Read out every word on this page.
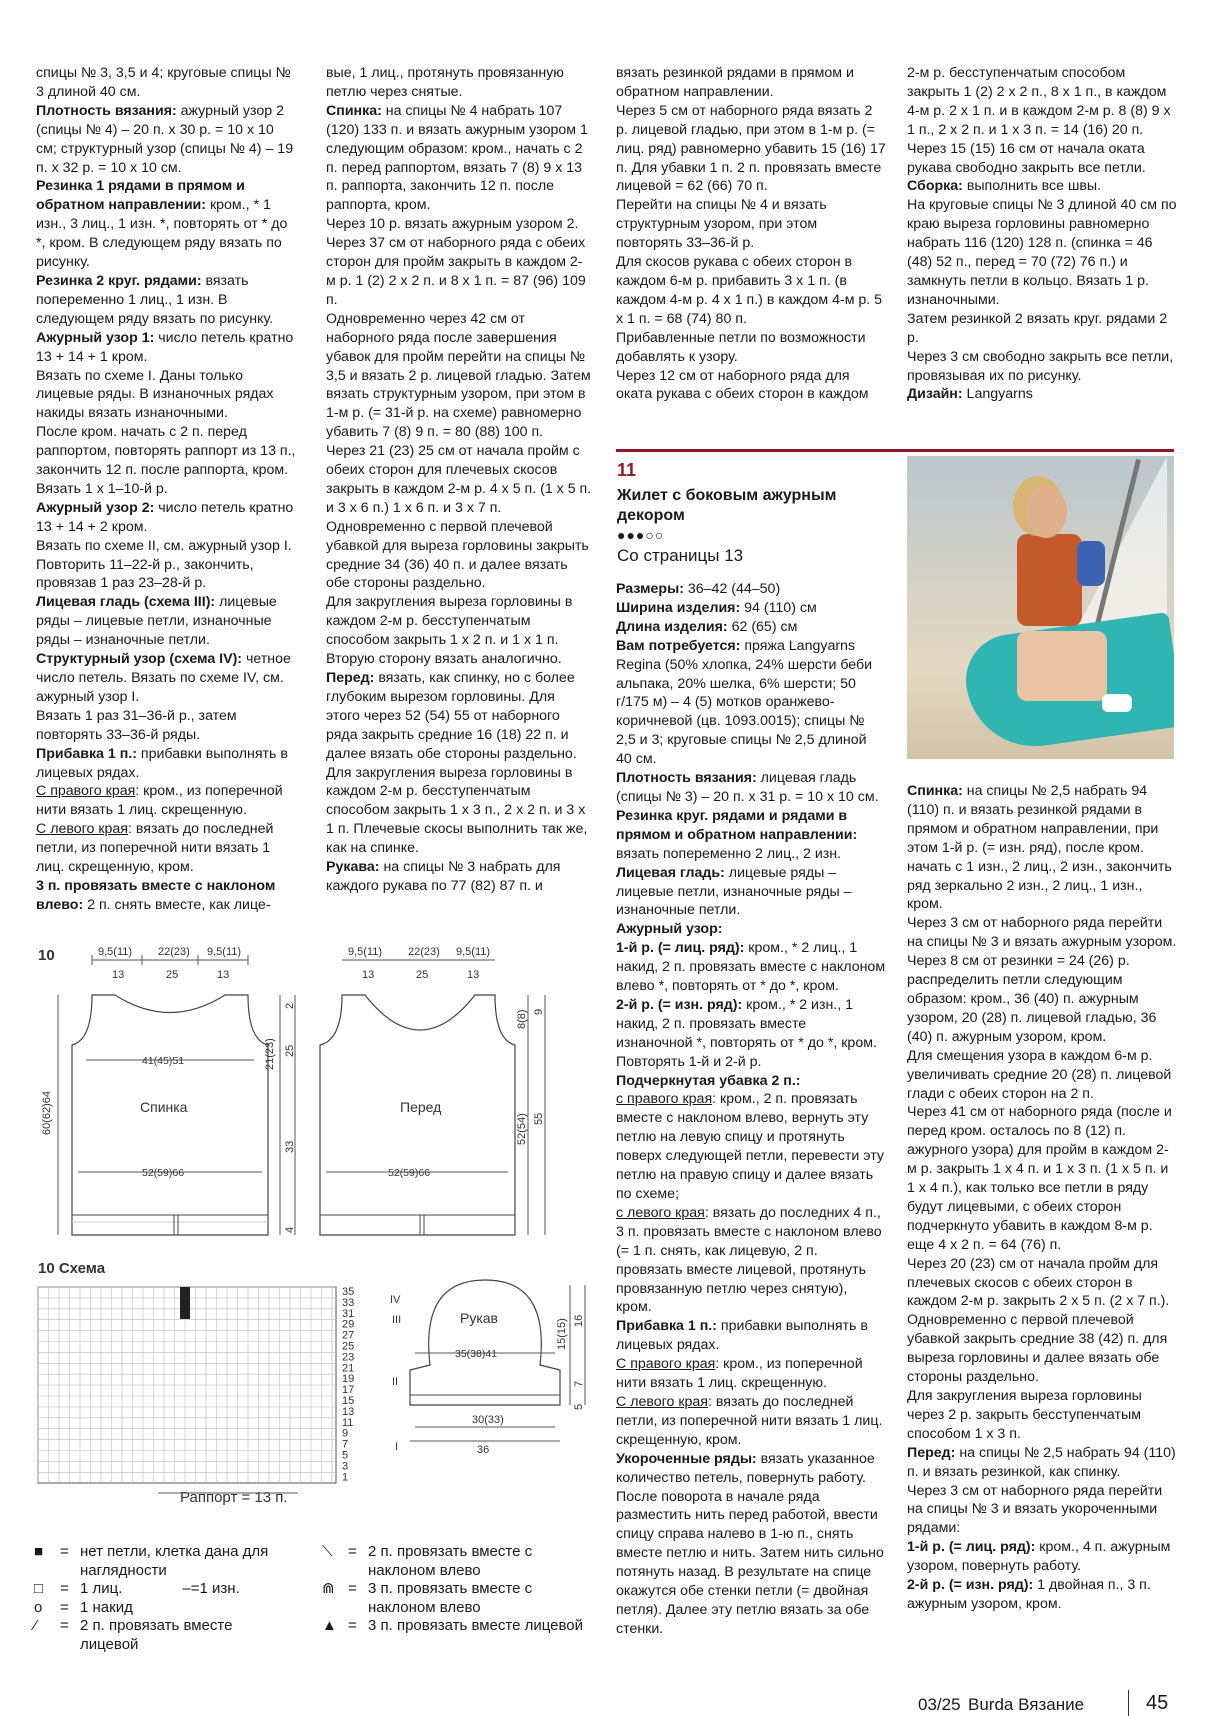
спицы № 3, 3,5 и 4; круговые спицы № 3 длиной 40 см.

Плотность вязания: ажурный узор 2 (спицы № 4) – 20 п. х 30 р. = 10 х 10 см; структурный узор (спицы № 4) – 19 п. х 32 р. = 10 х 10 см.

Резинка 1 рядами в прямом и обратном направлении: кром., * 1 изн., 3 лиц., 1 изн. *, повторять от * до *, кром. В следующем ряду вязать по рисунку.

Резинка 2 круг. рядами: вязать попеременно 1 лиц., 1 изн. В следующем ряду вязать по рисунку.

Ажурный узор 1: число петель кратно 13 + 14 + 1 кром.

Вязать по схеме I. Даны только лицевые ряды. В изнаночных рядах накиды вязать изнаночными.

После кром. начать с 2 п. перед раппортом, повторять раппорт из 13 п., закончить 12 п. после раппорта, кром. Вязать 1 х 1–10-й р.

Ажурный узор 2: число петель кратно 13 + 14 + 2 кром.

Вязать по схеме II, см. ажурный узор I. Повторить 11–22-й р., закончить, провязав 1 раз 23–28-й р.

Лицевая гладь (схема III): лицевые ряды – лицевые петли, изнаночные ряды – изнаночные петли.

Структурный узор (схема IV): четное число петель. Вязать по схеме IV, см. ажурный узор I.

Вязать 1 раз 31–36-й р., затем повторять 33–36-й ряды.

Прибавка 1 п.: прибавки выполнять в лицевых рядах.

С правого края: кром., из поперечной нити вязать 1 лиц. скрещенную.

С левого края: вязать до последней петли, из поперечной нити вязать 1 лиц. скрещенную, кром.

3 п. провязать вместе с наклоном влево: 2 п. снять вместе, как лице-

вые, 1 лиц., протянуть провязанную петлю через снятые.

Спинка: на спицы № 4 набрать 107 (120) 133 п. и вязать ажурным узором 1 следующим образом: кром., начать с 2 п. перед раппортом, вязать 7 (8) 9 х 13 п. раппорта, закончить 12 п. после раппорта, кром.

Через 10 р. вязать ажурным узором 2. Через 37 см от наборного ряда с обеих сторон для пройм закрыть в каждом 2-м р. 1 (2) 2 х 2 п. и 8 х 1 п. = 87 (96) 109 п.

Одновременно через 42 см от наборного ряда после завершения убавок для пройм перейти на спицы № 3,5 и вязать 2 р. лицевой гладью. Затем вязать структурным узором, при этом в 1-м р. (= 31-й р. на схеме) равномерно убавить 7 (8) 9 п. = 80 (88) 100 п.

Через 21 (23) 25 см от начала пройм с обеих сторон для плечевых скосов закрыть в каждом 2-м р. 4 х 5 п. (1 х 5 п. и 3 х 6 п.) 1 х 6 п. и 3 х 7 п.

Одновременно с первой плечевой убавкой для выреза горловины закрыть средние 34 (36) 40 п. и далее вязать обе стороны раздельно.

Для закругления выреза горловины в каждом 2-м р. бесступенчатым способом закрыть 1 х 2 п. и 1 х 1 п. Вторую сторону вязать аналогично.

Перед: вязать, как спинку, но с более глубоким вырезом горловины. Для этого через 52 (54) 55 от наборного ряда закрыть средние 16 (18) 22 п. и далее вязать обе стороны раздельно.

Для закругления выреза горловины в каждом 2-м р. бесступенчатым способом закрыть 1 х 3 п., 2 х 2 п. и 3 х 1 п. Плечевые скосы выполнить так же, как на спинке.

Рукава: на спицы № 3 набрать для каждого рукава по 77 (82) 87 п. и

вязать резинкой рядами в прямом и обратном направлении.

Через 5 см от наборного ряда вязать 2 р. лицевой гладью, при этом в 1-м р. (= лиц. ряд) равномерно убавить 15 (16) 17 п. Для убавки 1 п. 2 п. провязать вместе лицевой = 62 (66) 70 п.

Перейти на спицы № 4 и вязать структурным узором, при этом повторять 33–36-й р.

Для скосов рукава с обеих сторон в каждом 6-м р. прибавить 3 х 1 п. (в каждом 4-м р. 4 х 1 п.) в каждом 4-м р. 5 х 1 п. = 68 (74) 80 п.

Прибавленные петли по возможности добавлять к узору.

Через 12 см от наборного ряда для оката рукава с обеих сторон в каждом

2-м р. бесступенчатым способом закрыть 1 (2) 2 х 2 п., 8 х 1 п., в каждом 4-м р. 2 х 1 п. и в каждом 2-м р. 8 (8) 9 х 1 п., 2 х 2 п. и 1 х 3 п. = 14 (16) 20 п. Через 15 (15) 16 см от начала оката рукава свободно закрыть все петли.

Сборка: выполнить все швы.

На круговые спицы № 3 длиной 40 см по краю выреза горловины равномерно набрать 116 (120) 128 п. (спинка = 46 (48) 52 п., перед = 70 (72) 76 п.) и замкнуть петли в кольцо. Вязать 1 р. изнаночными.

Затем резинкой 2 вязать круг. рядами 2 р.

Через 3 см свободно закрыть все петли, провязывая их по рисунку.

Дизайн: Langyarns

11
Жилет с боковым ажурным декором
●●●○○
Со страницы 13

Размеры: 36–42 (44–50)

Ширина изделия: 94 (110) см

Длина изделия: 62 (65) см

Вам потребуется: пряжа Langyarns Regina (50% хлопка, 24% шерсти беби альпака, 20% шелка, 6% шерсти; 50 г/175 м) – 4 (5) мотков оранжево-коричневой (цв. 1093.0015); спицы № 2,5 и 3; круговые спицы № 2,5 длиной 40 см.

Плотность вязания: лицевая гладь (спицы № 3) – 20 п. х 31 р. = 10 х 10 см.

Резинка круг. рядами и рядами в прямом и обратном направлении: вязать попеременно 2 лиц., 2 изн.

Лицевая гладь: лицевые ряды – лицевые петли, изнаночные ряды – изнаночные петли.

Ажурный узор:

1-й р. (= лиц. ряд): кром., * 2 лиц., 1 накид, 2 п. провязать вместе с наклоном влево *, повторять от * до *, кром.

2-й р. (= изн. ряд): кром., * 2 изн., 1 накид, 2 п. провязать вместе изнаночной *, повторять от * до *, кром. Повторять 1-й и 2-й р.

Подчеркнутая убавка 2 п.:

с правого края: кром., 2 п. провязать вместе с наклоном влево, вернуть эту петлю на левую спицу и протянуть поверх следующей петли, перевести эту петлю на правую спицу и далее вязать по схеме;

с левого края: вязать до последних 4 п., 3 п. провязать вместе с наклоном влево (= 1 п. снять, как лицевую, 2 п. провязать вместе лицевой, протянуть провязанную петлю через снятую), кром.

Прибавка 1 п.: прибавки выполнять в лицевых рядах.

С правого края: кром., из поперечной нити вязать 1 лиц. скрещенную.

С левого края: вязать до последней петли, из поперечной нити вязать 1 лиц. скрещенную, кром.

Укороченные ряды: вязать указанное количество петель, повернуть работу. После поворота в начале ряда разместить нить перед работой, ввести спицу справа налево в 1-ю п., снять вместе петлю и нить. Затем нить сильно потянуть назад. В результате на спице окажутся обе стенки петли (= двойная петля). Далее эту петлю вязать за обе стенки.

Спинка: на спицы № 2,5 набрать 94 (110) п. и вязать резинкой рядами в прямом и обратном направлении, при этом 1-й р. (= изн. ряд), после кром. начать с 1 изн., 2 лиц., 2 изн., закончить ряд зеркально 2 изн., 2 лиц., 1 изн., кром.

Через 3 см от наборного ряда перейти на спицы № 3 и вязать ажурным узором.

Через 8 см от резинки = 24 (26) р. распределить петли следующим образом: кром., 36 (40) п. ажурным узором, 20 (28) п. лицевой гладью, 36 (40) п. ажурным узором, кром.

Для смещения узора в каждом 6-м р. увеличивать средние 20 (28) п. лицевой глади с обеих сторон на 2 п.

Через 41 см от наборного ряда (после и перед кром. осталось по 8 (12) п. ажурного узора) для пройм в каждом 2-м р. закрыть 1 х 4 п. и 1 х 3 п. (1 х 5 п. и 1 х 4 п.), как только все петли в ряду будут лицевыми, с обеих сторон подчеркнуто убавить в каждом 8-м р. еще 4 х 2 п. = 64 (76) п.

Через 20 (23) см от начала пройм для плечевых скосов с обеих сторон в каждом 2-м р. закрыть 2 х 5 п. (2 х 7 п.).

Одновременно с первой плечевой убавкой закрыть средние 38 (42) п. для выреза горловины и далее вязать обе стороны раздельно.

Для закругления выреза горловины через 2 р. закрыть бесступенчатым способом 1 х 3 п.

Перед: на спицы № 2,5 набрать 94 (110) п. и вязать резинкой, как спинку.

Через 3 см от наборного ряда перейти на спицы № 3 и вязать укороченными рядами:

1-й р. (= лиц. ряд): кром., 4 п. ажурным узором, повернуть работу.

2-й р. (= изн. ряд): 1 двойная п., 3 п. ажурным узором, кром.

10	9,5(11) 22(23) 9,5(11)
13	25	13
41(45)51
Спинка
52(59)66
60(62)64
21(23)
2
25
33
4
9,5(11) 22(23) 9,5(11)
13	25	13
Перед
52(59)66
8(8)
52(54)
9
55
10 Схема
35
33
31
29
27
25
23
21
19
17
15
13
11
9
7
5
3
1
IV
III
II
I
Раппорт = 13 п.
Рукав
35(38)41
15(15) 16
7
5
30(33)
36
■	= нет петли, клетка дана для наглядности
□	= 1 лиц.	– = 1 изн.
o	= 1 накид
⁄	= 2 п. провязать вместе лицевой
⟍	= 2 п. провязать вместе с наклоном влево
⋒ = 3 п. провязать вместе с наклоном влево
▲ = 3 п. провязать вместе лицевой
03/25 Burda Вязание	45
